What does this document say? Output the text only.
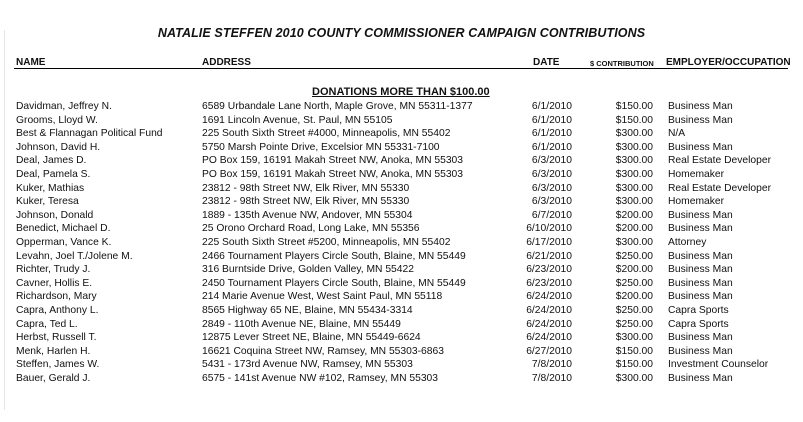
NATALIE STEFFEN 2010 COUNTY COMMISSIONER CAMPAIGN CONTRIBUTIONS
NAME	ADDRESS	DATE	$ CONTRIBUTION EMPLOYER/OCCUPATION
DONATIONS MORE THAN $100.00
Davidman, Jeffrey N.	6589 Urbandale Lane North, Maple Grove, MN 55311-1377	6/1/2010	$150.00 Business Man
Grooms, Lloyd W.	1691 Lincoln Avenue, St. Paul, MN 55105	6/1/2010	$150.00 Business Man
Best & Flannagan Political Fund	225 South Sixth Street #4000, Minneapolis, MN 55402	6/1/2010	$300.00 N/A
Johnson, David H.	5750 Marsh Pointe Drive, Excelsior MN 55331-7100	6/1/2010	$300.00 Business Man
Deal, James D.	PO Box 159, 16191 Makah Street NW, Anoka, MN 55303	6/3/2010	$300.00 Real Estate Developer
Deal, Pamela S.	PO Box 159, 16191 Makah Street NW, Anoka, MN 55303	6/3/2010	$300.00 Homemaker
Kuker, Mathias	23812 - 98th Street NW, Elk River, MN 55330	6/3/2010	$300.00 Real Estate Developer
Kuker, Teresa	23812 - 98th Street NW, Elk River, MN 55330	6/3/2010	$300.00 Homemaker
Johnson, Donald	1889 - 135th Avenue NW, Andover, MN 55304	6/7/2010	$200.00 Business Man
Benedict, Michael D.	25 Orono Orchard Road, Long Lake, MN 55356	6/10/2010	$200.00 Business Man
Opperman, Vance K.	225 South Sixth Street #5200, Minneapolis, MN 55402	6/17/2010	$300.00 Attorney
Levahn, Joel T./Jolene M.	2466 Tournament Players Circle South, Blaine, MN 55449	6/21/2010	$250.00 Business Man
Richter, Trudy J.	316 Burntside Drive, Golden Valley, MN 55422	6/23/2010	$200.00 Business Man
Cavner, Hollis E.	2450 Tournament Players Circle South, Blaine, MN 55449	6/23/2010	$250.00 Business Man
Richardson, Mary	214 Marie Avenue West, West Saint Paul, MN 55118	6/24/2010	$200.00 Business Man
Capra, Anthony L.	8565 Highway 65 NE, Blaine, MN 55434-3314	6/24/2010	$250.00 Capra Sports
Capra, Ted L.	2849 - 110th Avenue NE, Blaine, MN 55449	6/24/2010	$250.00 Capra Sports
Herbst, Russell T.	12875 Lever Street NE, Blaine, MN 55449-6624	6/24/2010	$300.00 Business Man
Menk, Harlen H.	16621 Coquina Street NW, Ramsey, MN 55303-6863	6/27/2010	$150.00 Business Man
Steffen, James W.	5431 - 173rd Avenue NW, Ramsey, MN 55303	7/8/2010	$150.00 Investment Counselor
Bauer, Gerald J.	6575 - 141st Avenue NW #102, Ramsey, MN 55303	7/8/2010	$300.00 Business Man
